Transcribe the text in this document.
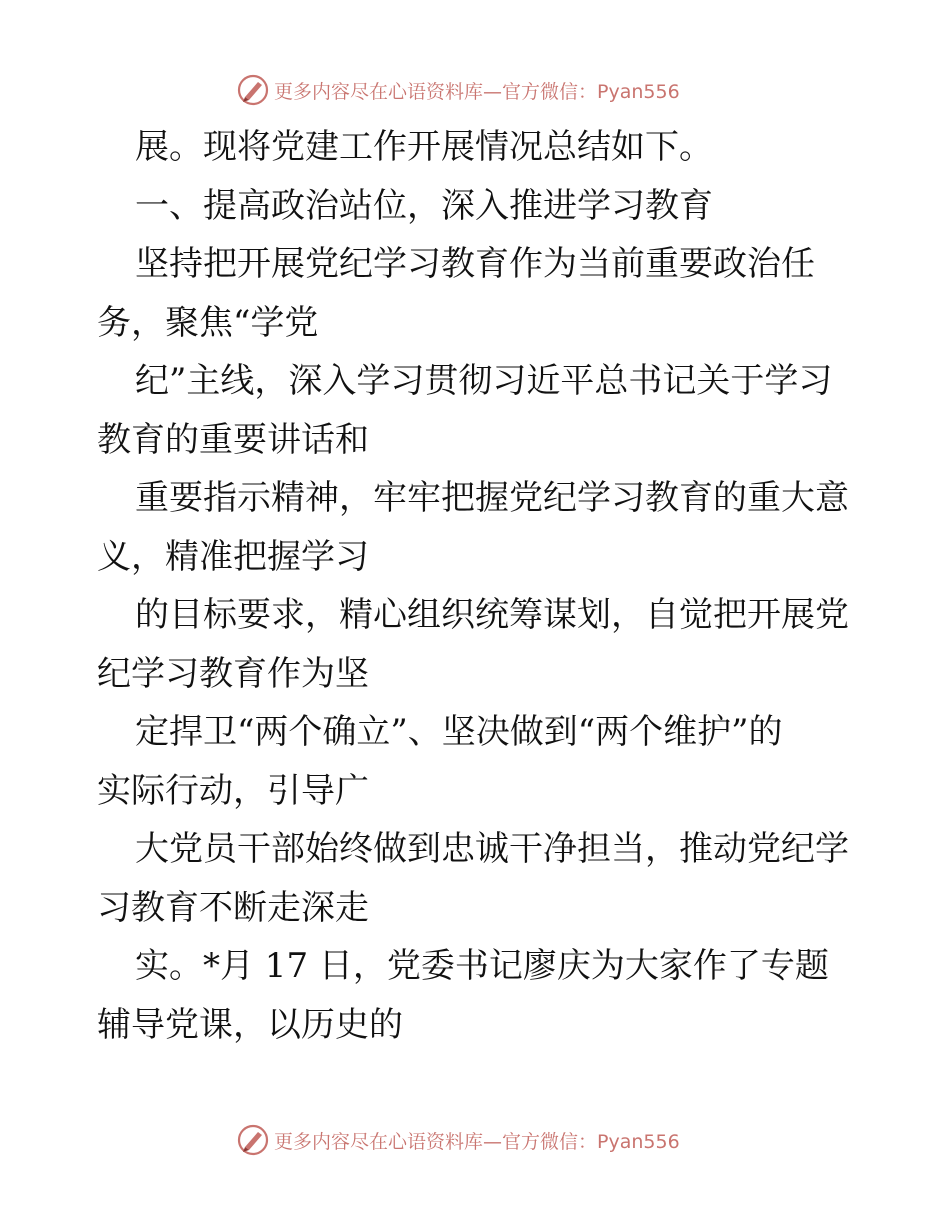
更多内容尽在心语资料库—官方微信：Pyan556
展。现将党建工作开展情况总结如下。
一、提高政治站位，深入推进学习教育
坚持把开展党纪学习教育作为当前重要政治任
务，聚焦“学党
纪”主线，深入学习贯彻习近平总书记关于学习
教育的重要讲话和
重要指示精神，牢牢把握党纪学习教育的重大意
义，精准把握学习
的目标要求，精心组织统筹谋划，自觉把开展党
纪学习教育作为坚
定捍卫“两个确立”、坚决做到“两个维护”的
实际行动，引导广
大党员干部始终做到忠诚干净担当，推动党纪学
习教育不断走深走
实。*月 17 日，党委书记廖庆为大家作了专题
辅导党课，以历史的
更多内容尽在心语资料库—官方微信：Pyan556
